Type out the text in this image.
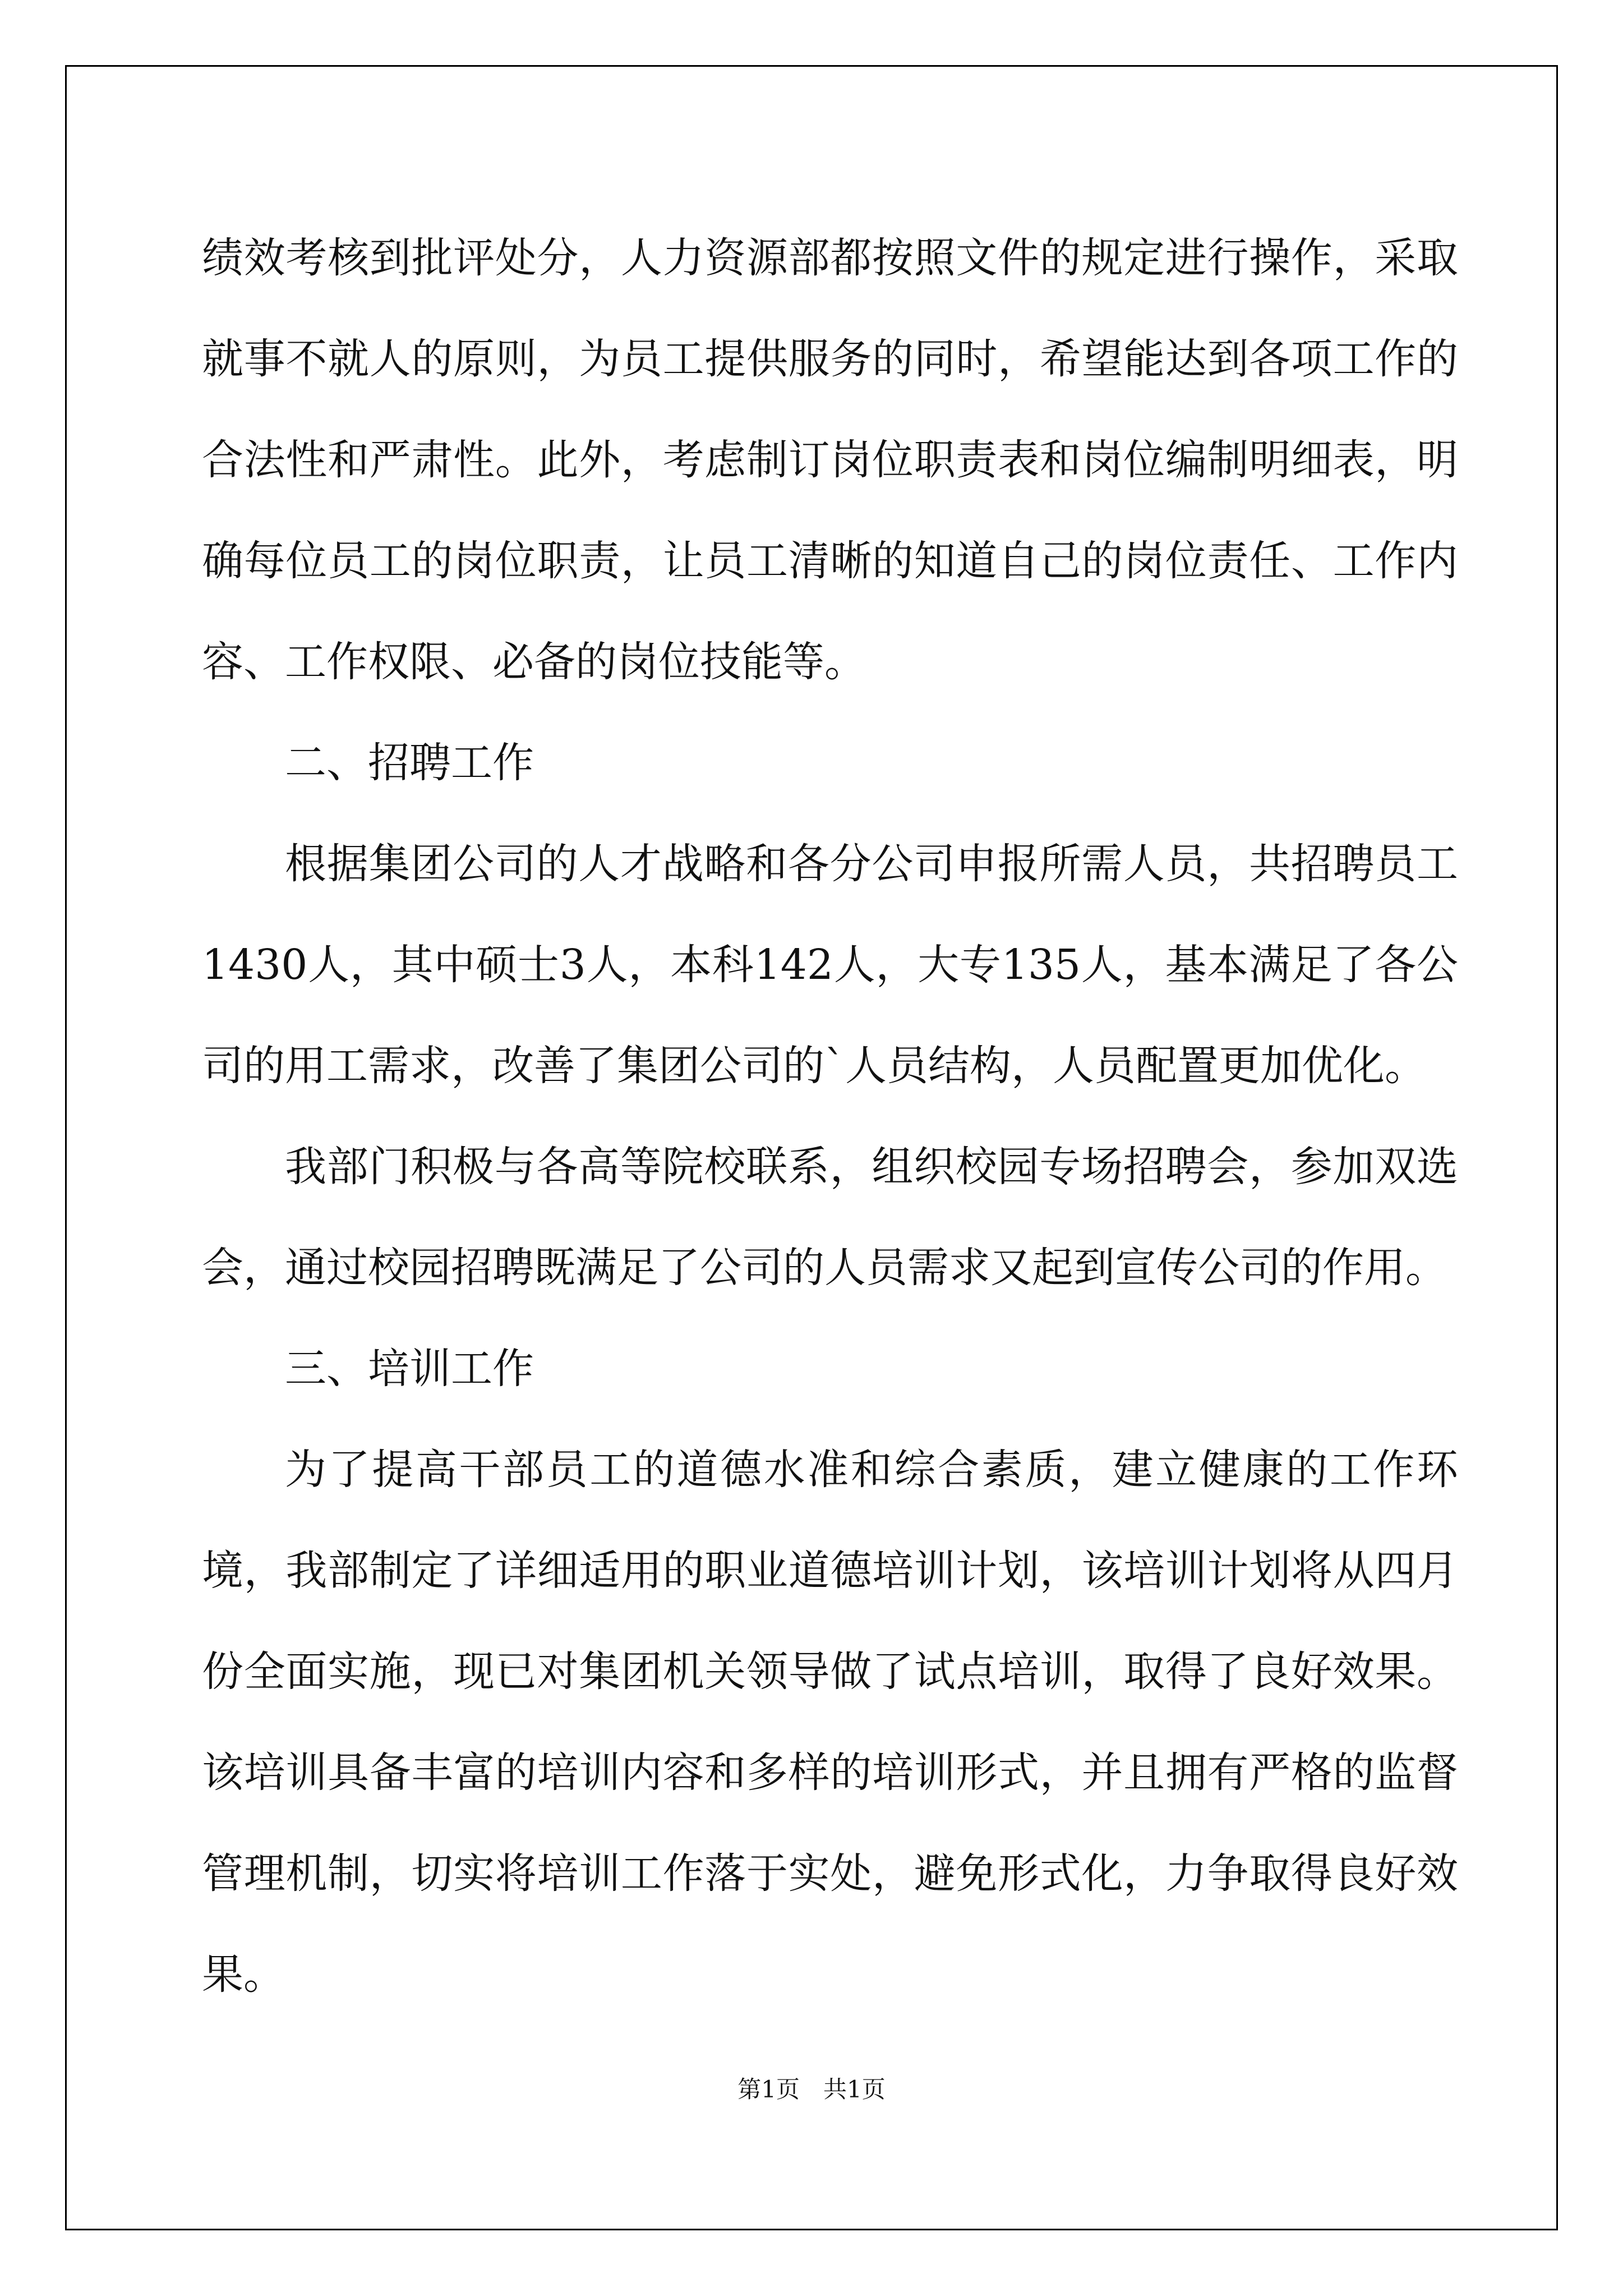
绩效考核到批评处分，人力资源部都按照文件的规定进行操作，采取就事不就人的原则，为员工提供服务的同时，希望能达到各项工作的合法性和严肃性。此外，考虑制订岗位职责表和岗位编制明细表，明确每位员工的岗位职责，让员工清晰的知道自己的岗位责任、工作内容、工作权限、必备的岗位技能等。

二、招聘工作

根据集团公司的人才战略和各分公司申报所需人员，共招聘员工1430人，其中硕士3人，本科142人，大专135人，基本满足了各公司的用工需求，改善了集团公司的`人员结构，人员配置更加优化。

我部门积极与各高等院校联系，组织校园专场招聘会，参加双选会，通过校园招聘既满足了公司的人员需求又起到宣传公司的作用。

三、培训工作

为了提高干部员工的道德水准和综合素质，建立健康的工作环境，我部制定了详细适用的职业道德培训计划，该培训计划将从四月份全面实施，现已对集团机关领导做了试点培训，取得了良好效果。该培训具备丰富的培训内容和多样的培训形式，并且拥有严格的监督管理机制，切实将培训工作落于实处，避免形式化，力争取得良好效果。

第1页　共1页
